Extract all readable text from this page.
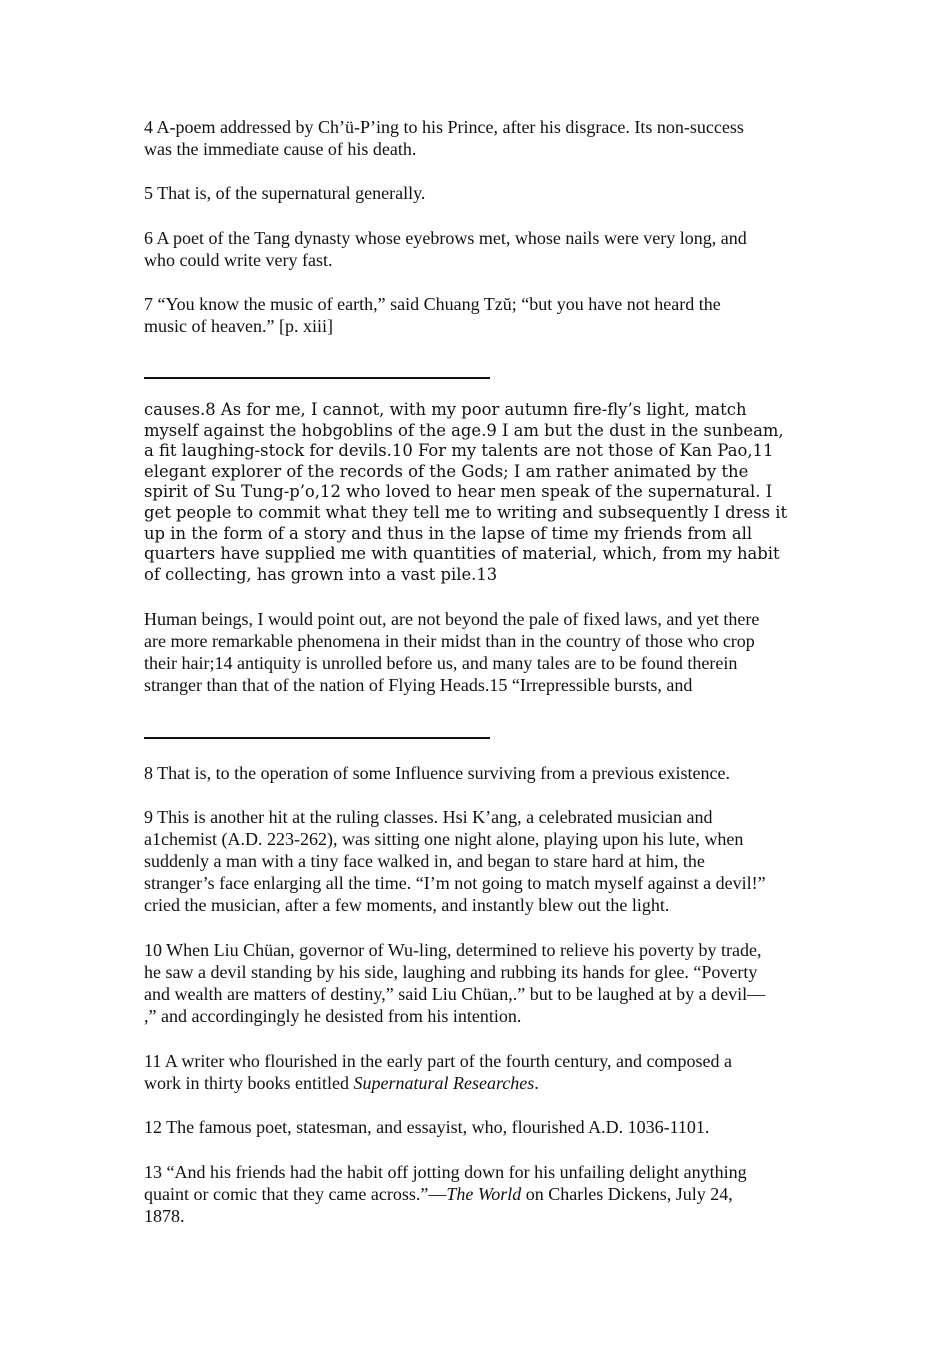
4 A-poem addressed by Ch’ü-P’ing to his Prince, after his disgrace. Its non-success
was the immediate cause of his death.

5 That is, of the supernatural generally.

6 A poet of the Tang dynasty whose eyebrows met, whose nails were very long, and
who could write very fast.

7 “You know the music of earth,” said Chuang Tzŭ; “but you have not heard the
music of heaven.” [p. xiii]

causes.8 As for me, I cannot, with my poor autumn fire-fly’s light, match
myself against the hobgoblins of the age.9 I am but the dust in the sunbeam,
a fit laughing-stock for devils.10 For my talents are not those of Kan Pao,11
elegant explorer of the records of the Gods; I am rather animated by the
spirit of Su Tung-p’o,12 who loved to hear men speak of the supernatural. I
get people to commit what they tell me to writing and subsequently I dress it
up in the form of a story and thus in the lapse of time my friends from all
quarters have supplied me with quantities of material, which, from my habit
of collecting, has grown into a vast pile.13

Human beings, I would point out, are not beyond the pale of fixed laws, and yet there
are more remarkable phenomena in their midst than in the country of those who crop
their hair;14 antiquity is unrolled before us, and many tales are to be found therein
stranger than that of the nation of Flying Heads.15 “Irrepressible bursts, and

8 That is, to the operation of some Influence surviving from a previous existence.

9 This is another hit at the ruling classes. Hsi K’ang, a celebrated musician and
a1chemist (A.D. 223-262), was sitting one night alone, playing upon his lute, when
suddenly a man with a tiny face walked in, and began to stare hard at him, the
stranger’s face enlarging all the time. “I’m not going to match myself against a devil!”
cried the musician, after a few moments, and instantly blew out the light.

10 When Liu Chüan, governor of Wu-ling, determined to relieve his poverty by trade,
he saw a devil standing by his side, laughing and rubbing its hands for glee. “Poverty
and wealth are matters of destiny,” said Liu Chüan,.” but to be laughed at by a devil—
,” and accordingingly he desisted from his intention.

11 A writer who flourished in the early part of the fourth century, and composed a
work in thirty books entitled Supernatural Researches.

12 The famous poet, statesman, and essayist, who, flourished A.D. 1036-1101.

13 “And his friends had the habit off jotting down for his unfailing delight anything
quaint or comic that they came across.”—The World on Charles Dickens, July 24,
1878.
